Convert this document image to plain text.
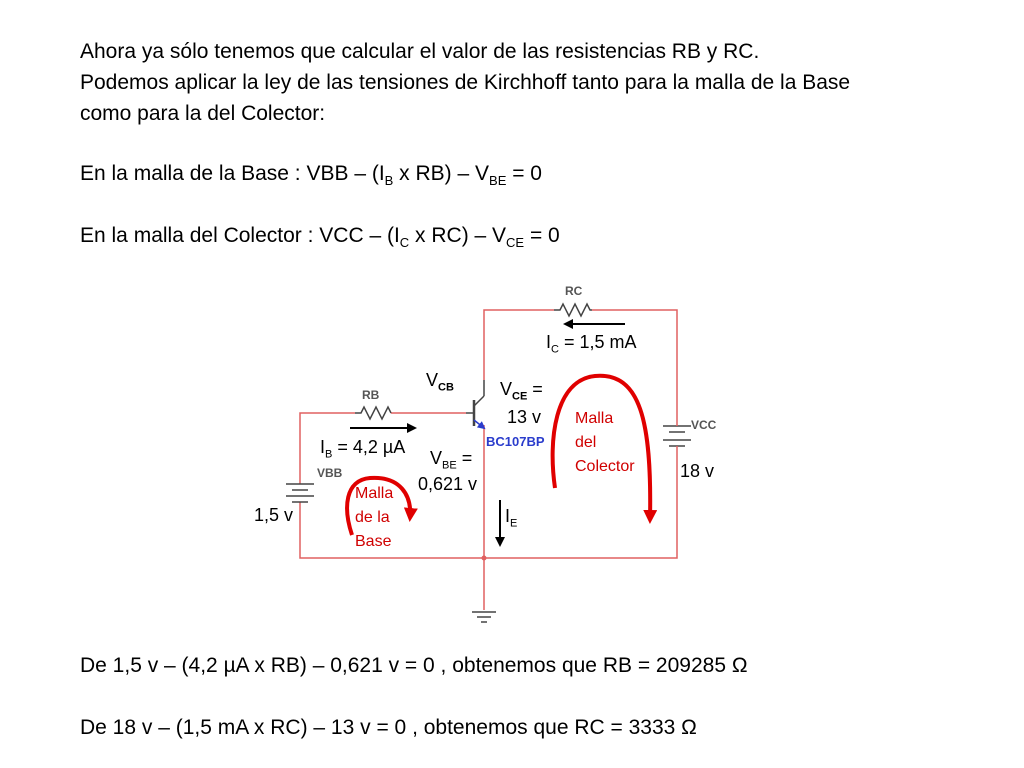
Ahora ya sólo tenemos que calcular el valor de las resistencias RB y RC.

Podemos aplicar la ley de las tensiones de Kirchhoff tanto para la malla de la Base

como para la del Colector:

En la malla de la Base : VBB – ($I_B$ x $RB) - V_{BE} = 0$
En la malla del Colector : VCC – ($I_C$ x $RC) - V_{CE} = 0$
RC
RB
VCC
VBB
BC107BP
$I_C = 1,5$ mA
$V_{CB}$	$V_{CE}$ =
13 v
$I_B = 4,2$ µA
$V_{BE}$ =
0,621 v
$I_E$
1,5 v
18 v
Malla
de la
Base
Malla
del
Colector

De 1,5 v – (4,2 µA x RB) – 0,621 v = 0 , obtenemos que RB = 209285 Ω

De 18 v – (1,5 mA x RC) – 13 v = 0 , obtenemos que RC = 3333 Ω
